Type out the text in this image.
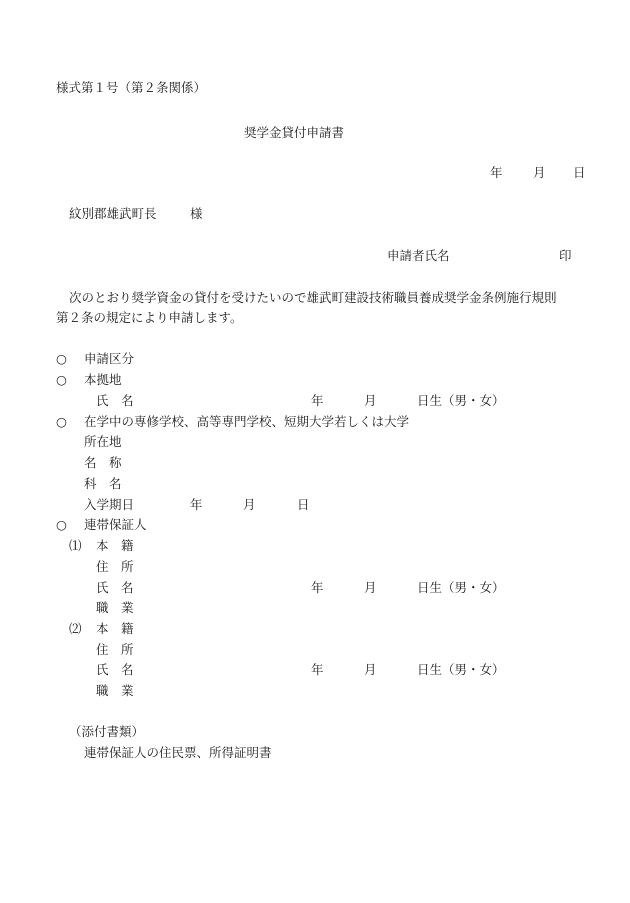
様式第１号（第２条関係）
奨学金貸付申請書
年 月 日
紋別郡雄武町長	様
申請者氏名	印
次のとおり奨学資金の貸付を受けたいので雄武町建設技術職員養成奨学金条例施行規則
第２条の規定により申請します。
○ 申請区分
○ 本拠地
氏　名	年	月	日生（男・女）
○ 在学中の専修学校、高等専門学校、短期大学若しくは大学
所在地
名　称
科　名
入学期日	年	月	日
○ 連帯保証人
⑴ 本　籍
住　所
氏　名	年	月	日生（男・女）
職　業
⑵ 本　籍
住　所
氏　名	年	月	日生（男・女）
職　業
（添付書類）
連帯保証人の住民票、所得証明書
